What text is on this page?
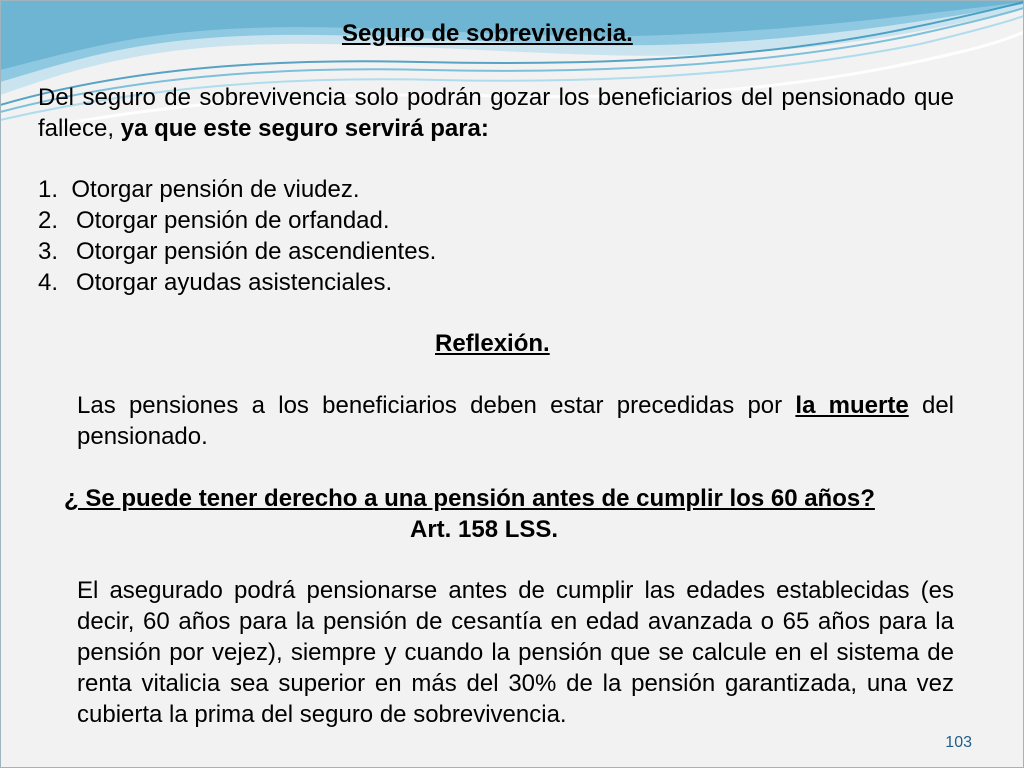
Seguro de sobrevivencia.
Del seguro de sobrevivencia solo podrán gozar los beneficiarios del pensionado que fallece, ya que este seguro servirá para:
1. Otorgar pensión de viudez.
2. Otorgar pensión de orfandad.
3. Otorgar pensión de ascendientes.
4. Otorgar ayudas asistenciales.
Reflexión.
Las pensiones a los beneficiarios deben estar precedidas por la muerte del pensionado.
¿ Se puede tener derecho a una pensión antes de cumplir los 60 años?
Art. 158 LSS.
El asegurado podrá pensionarse antes de cumplir las edades establecidas (es decir, 60 años para la pensión de cesantía en edad avanzada o 65 años para la pensión por vejez), siempre y cuando la pensión que se calcule en el sistema de renta vitalicia sea superior en más del 30% de la pensión garantizada, una vez cubierta la prima del seguro de sobrevivencia.
103
